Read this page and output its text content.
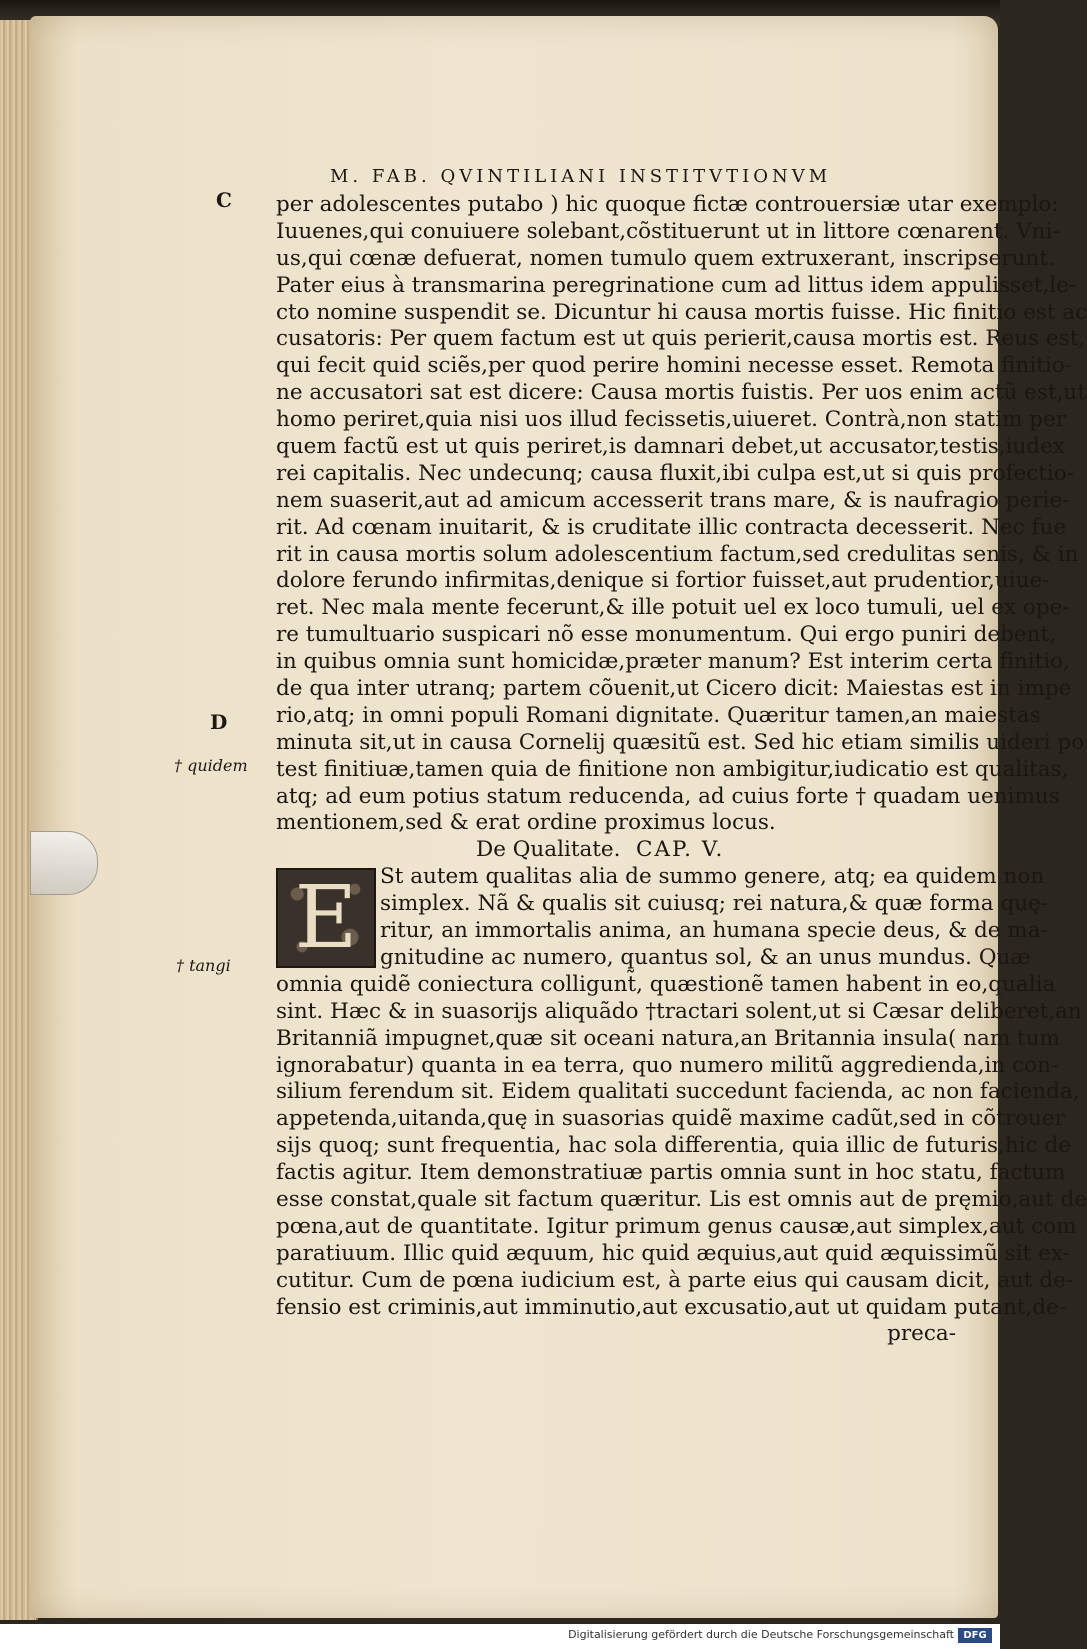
M. FAB. QVINTILIANI INSTITVTIONVM
C
D
† quidem
† tangi
per adolescentes putabo ) hic quoque fictæ controuersiæ utar exemplo:
Iuuenes,qui conuiuere solebant,cõstituerunt ut in littore cœnarent. Vni-
us,qui cœnæ defuerat, nomen tumulo quem extruxerant, inscripserunt.
Pater eius à transmarina peregrinatione cum ad littus idem appulisset,le-
cto nomine suspendit se. Dicuntur hi causa mortis fuisse. Hic finitio est ac
cusatoris: Per quem factum est ut quis perierit,causa mortis est. Reus est,
qui fecit quid sciẽs,per quod perire homini necesse esset. Remota finitio-
ne accusatori sat est dicere: Causa mortis fuistis. Per uos enim actũ est,ut
homo periret,quia nisi uos illud fecissetis,uiueret. Contrà,non statim per
quem factũ est ut quis periret,is damnari debet,ut accusator,testis,iudex
rei capitalis. Nec undecunq; causa fluxit,ibi culpa est,ut si quis profectio-
nem suaserit,aut ad amicum accesserit trans mare, & is naufragio perie-
rit. Ad cœnam inuitarit, & is cruditate illic contracta decesserit. Nec fue
rit in causa mortis solum adolescentium factum,sed credulitas senis, & in
dolore ferundo infirmitas,denique si fortior fuisset,aut prudentior,uiue-
ret. Nec mala mente fecerunt,& ille potuit uel ex loco tumuli, uel ex ope-
re tumultuario suspicari nõ esse monumentum. Qui ergo puniri debent,
in quibus omnia sunt homicidæ,præter manum? Est interim certa finitio,
de qua inter utranq; partem cõuenit,ut Cicero dicit: Maiestas est in impe
rio,atq; in omni populi Romani dignitate. Quæritur tamen,an maiestas
minuta sit,ut in causa Cornelij quæsitũ est. Sed hic etiam similis uideri po
test finitiuæ,tamen quia de finitione non ambigitur,iudicatio est qualitas,
atq; ad eum potius statum reducenda, ad cuius forte † quadam uenimus
mentionem,sed & erat ordine proximus locus.
De Qualitate. CAP. V.
E	St autem qualitas alia de summo genere, atq; ea quidem non
simplex. Nã & qualis sit cuiusq; rei natura,& quæ forma quę-
ritur, an immortalis anima, an humana specie deus, & de ma-
gnitudine ac numero, quantus sol, & an unus mundus. Quæ
omnia quidẽ coniectura colligunt̃, quæstionẽ tamen habent in eo,qualia
sint. Hæc & in suasorijs aliquãdo †tractari solent,ut si Cæsar deliberet,an
Britanniã impugnet,quæ sit oceani natura,an Britannia insula( nam tum
ignorabatur) quanta in ea terra, quo numero militũ aggredienda,in con-
silium ferendum sit. Eidem qualitati succedunt facienda, ac non facienda,
appetenda,uitanda,quę in suasorias quidẽ maxime cadũt,sed in cõtrouer
sijs quoq; sunt frequentia, hac sola differentia, quia illic de futuris,hic de
factis agitur. Item demonstratiuæ partis omnia sunt in hoc statu, factum
esse constat,quale sit factum quæritur. Lis est omnis aut de pręmio,aut de
pœna,aut de quantitate. Igitur primum genus causæ,aut simplex,aut com
paratiuum. Illic quid æquum, hic quid æquius,aut quid æquissimũ sit ex-
cutitur. Cum de pœna iudicium est, à parte eius qui causam dicit, aut de-
fensio est criminis,aut imminutio,aut excusatio,aut ut quidam putant,de-
preca-
Digitalisierung gefördert durch die Deutsche Forschungsgemeinschaft DFG
